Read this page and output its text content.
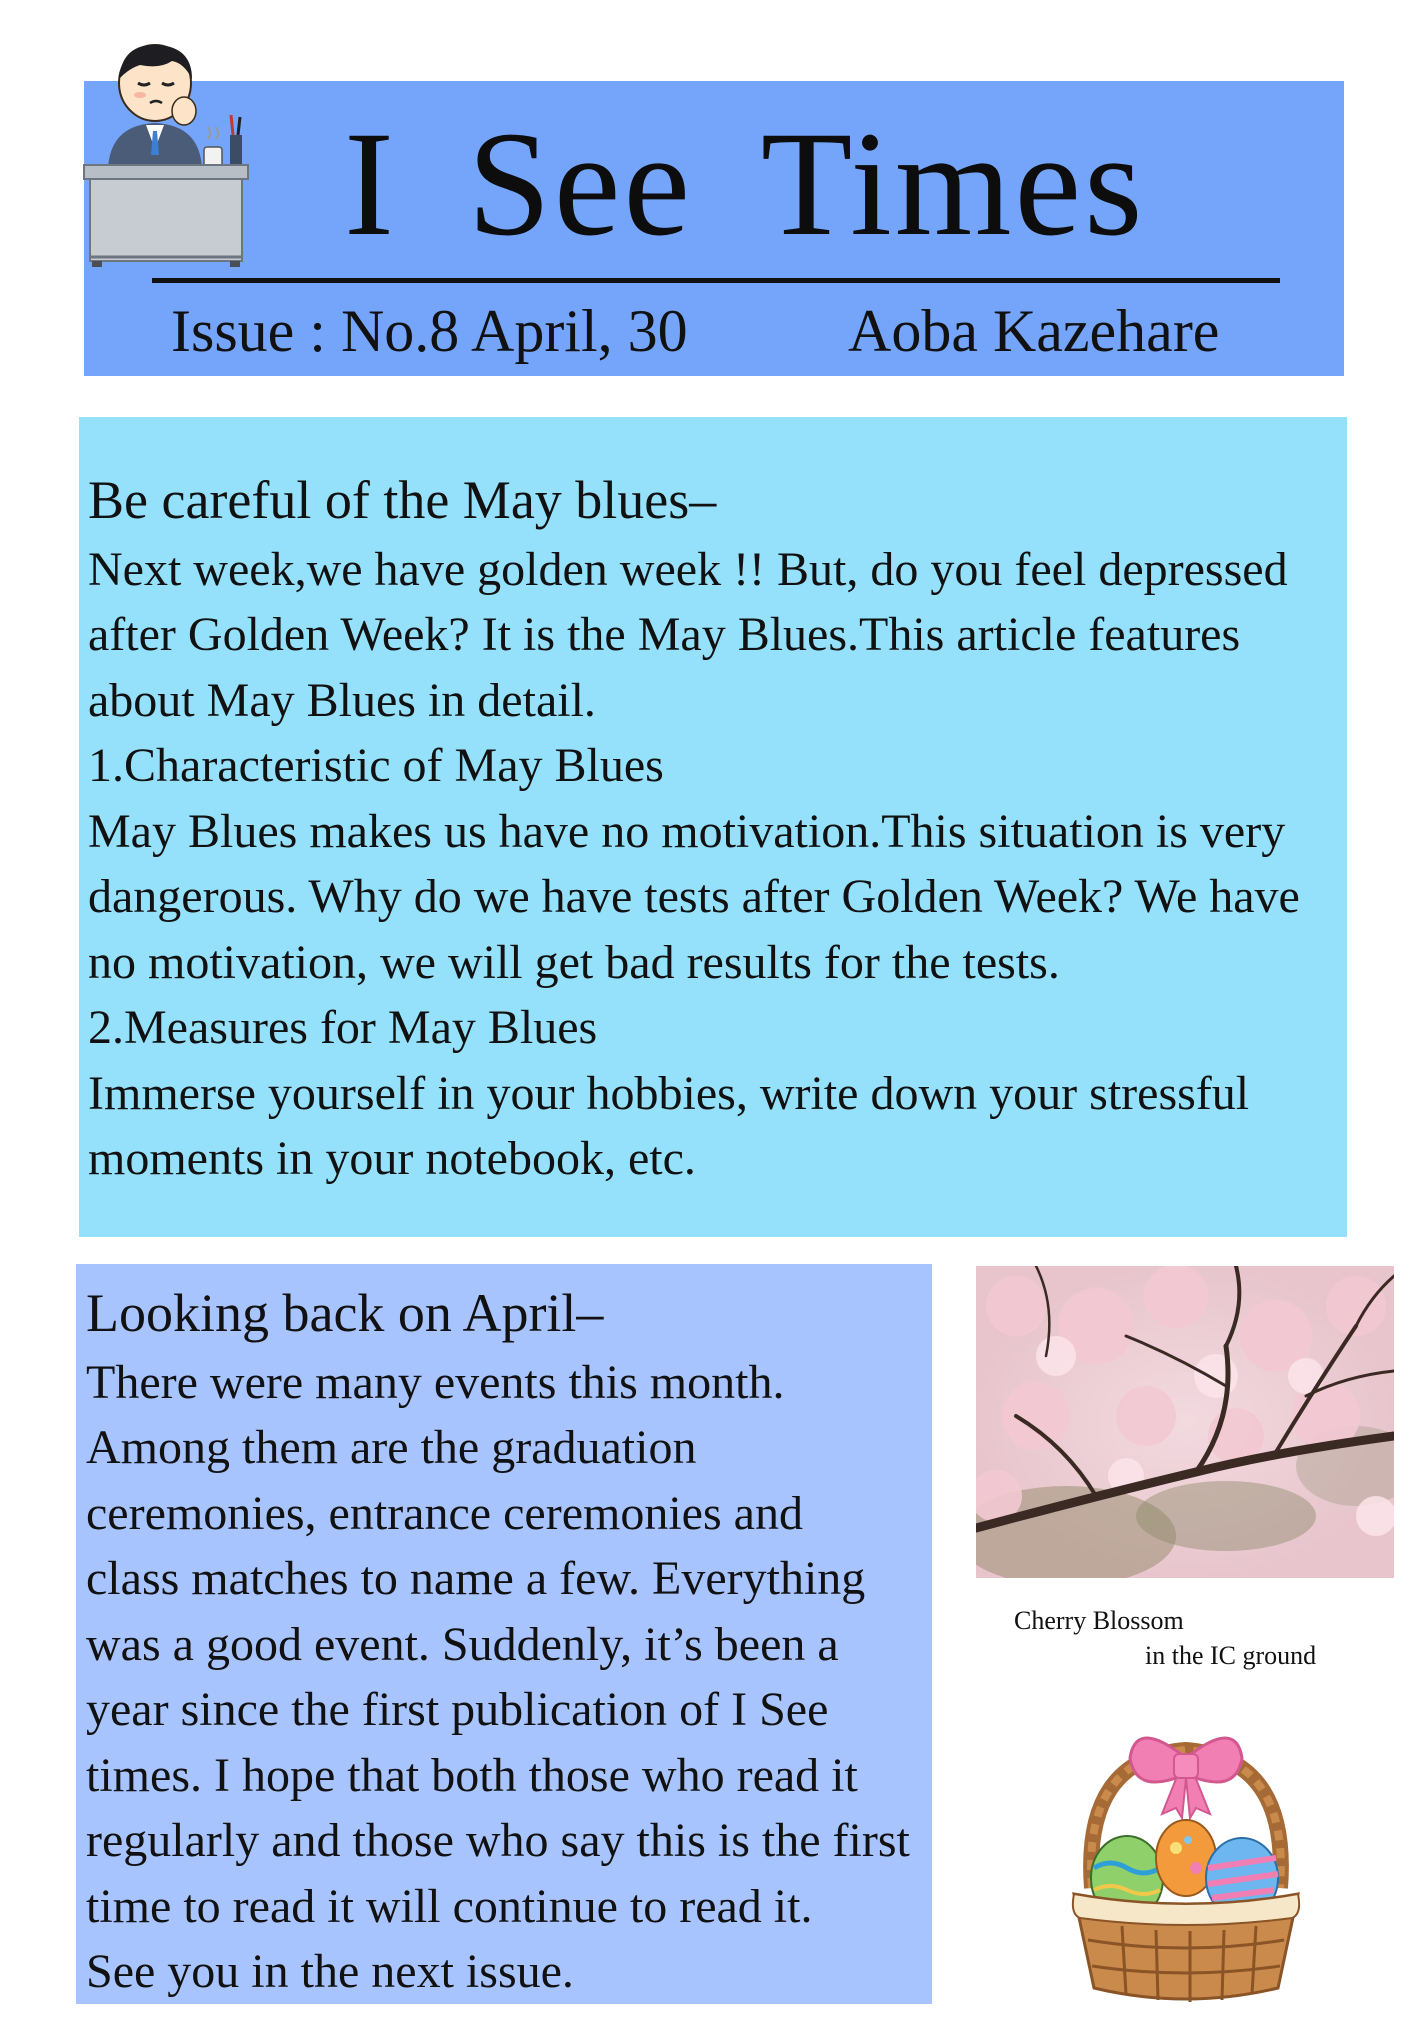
I See Times
Issue : No.8 April, 30	Aoba Kazehare
Be careful of the May blues–
Next week,we have golden week !! But, do you feel depressed
after Golden Week? It is the May Blues.This article features
about May Blues in detail.
1.Characteristic of May Blues
May Blues makes us have no motivation.This situation is very
dangerous. Why do we have tests after Golden Week? We have
no motivation, we will get bad results for the tests.
2.Measures for May Blues
Immerse yourself in your hobbies, write down your stressful
moments in your notebook, etc.
Looking back on April–
There were many events this month.
Among them are the graduation
ceremonies, entrance ceremonies and
class matches to name a few. Everything
was a good event. Suddenly, it’s been a
year since the first publication of I See
times. I hope that both those who read it
regularly and those who say this is the first
time to read it will continue to read it.
See you in the next issue.
Cherry Blossom
in the IC ground
